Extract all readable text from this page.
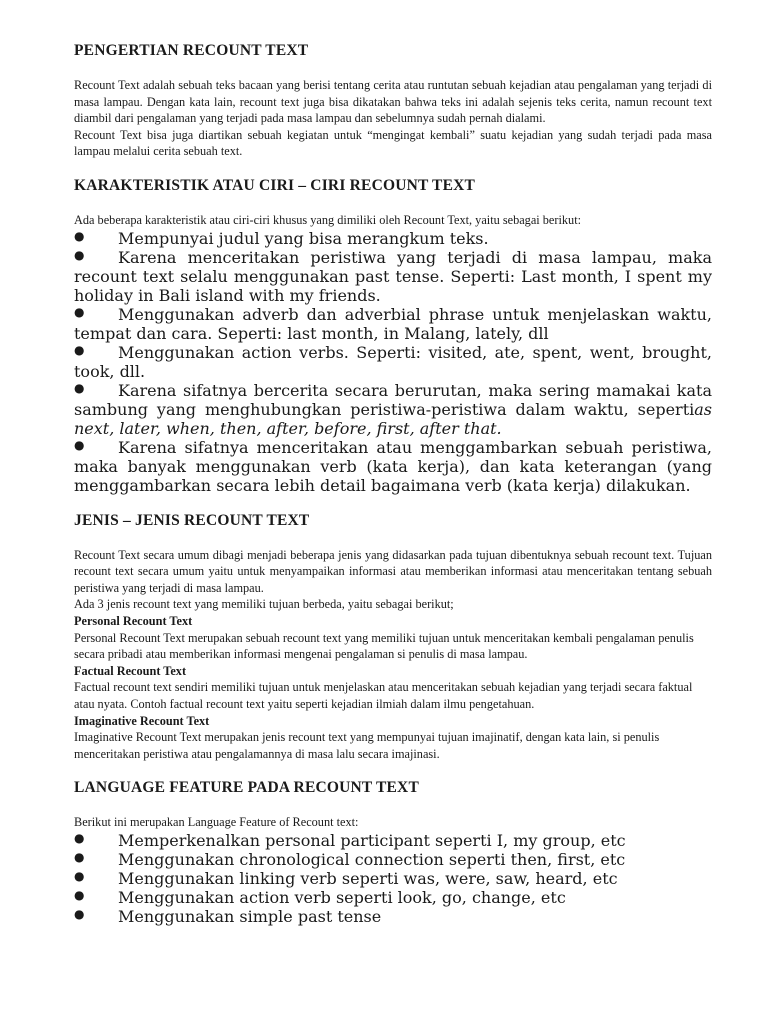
PENGERTIAN RECOUNT TEXT

Recount Text adalah sebuah teks bacaan yang berisi tentang cerita atau runtutan sebuah kejadian atau pengalaman yang terjadi di masa lampau. Dengan kata lain, recount text juga bisa dikatakan bahwa teks ini adalah sejenis teks cerita, namun recount text diambil dari pengalaman yang terjadi pada masa lampau dan sebelumnya sudah pernah dialami.

Recount Text bisa juga diartikan sebuah kegiatan untuk “mengingat kembali” suatu kejadian yang sudah terjadi pada masa lampau melalui cerita sebuah text.

KARAKTERISTIK ATAU CIRI – CIRI RECOUNT TEXT

Ada beberapa karakteristik atau ciri-ciri khusus yang dimiliki oleh Recount Text, yaitu sebagai berikut:

● Mempunyai judul yang bisa merangkum teks.
● Karena menceritakan peristiwa yang terjadi di masa lampau, maka recount text selalu menggunakan past tense. Seperti: Last month, I spent my holiday in Bali island with my friends.
● Menggunakan adverb dan adverbial phrase untuk menjelaskan waktu, tempat dan cara. Seperti: last month, in Malang, lately, dll
● Menggunakan action verbs. Seperti: visited, ate, spent, went, brought, took, dll.
● Karena sifatnya bercerita secara berurutan, maka sering mamakai kata sambung yang menghubungkan peristiwa-peristiwa dalam waktu, sepertias next, later, when, then, after, before, first, after that.
● Karena sifatnya menceritakan atau menggambarkan sebuah peristiwa, maka banyak menggunakan verb (kata kerja), dan kata keterangan (yang menggambarkan secara lebih detail bagaimana verb (kata kerja) dilakukan.
JENIS – JENIS RECOUNT TEXT

Recount Text secara umum dibagi menjadi beberapa jenis yang didasarkan pada tujuan dibentuknya sebuah recount text. Tujuan recount text secara umum yaitu untuk menyampaikan informasi atau memberikan informasi atau menceritakan tentang sebuah peristiwa yang terjadi di masa lampau.

Ada 3 jenis recount text yang memiliki tujuan berbeda, yaitu sebagai berikut;

Personal Recount Text

Personal Recount Text merupakan sebuah recount text yang memiliki tujuan untuk menceritakan kembali pengalaman penulis secara pribadi atau memberikan informasi mengenai pengalaman si penulis di masa lampau.

Factual Recount Text

Factual recount text sendiri memiliki tujuan untuk menjelaskan atau menceritakan sebuah kejadian yang terjadi secara faktual atau nyata. Contoh factual recount text yaitu seperti kejadian ilmiah dalam ilmu pengetahuan.

Imaginative Recount Text

Imaginative Recount Text merupakan jenis recount text yang mempunyai tujuan imajinatif, dengan kata lain, si penulis menceritakan peristiwa atau pengalamannya di masa lalu secara imajinasi.

LANGUAGE FEATURE PADA RECOUNT TEXT

Berikut ini merupakan Language Feature of Recount text:

● Memperkenalkan personal participant seperti I, my group, etc
● Menggunakan chronological connection seperti then, first, etc
● Menggunakan linking verb seperti was, were, saw, heard, etc
● Menggunakan action verb seperti look, go, change, etc
● Menggunakan simple past tense
